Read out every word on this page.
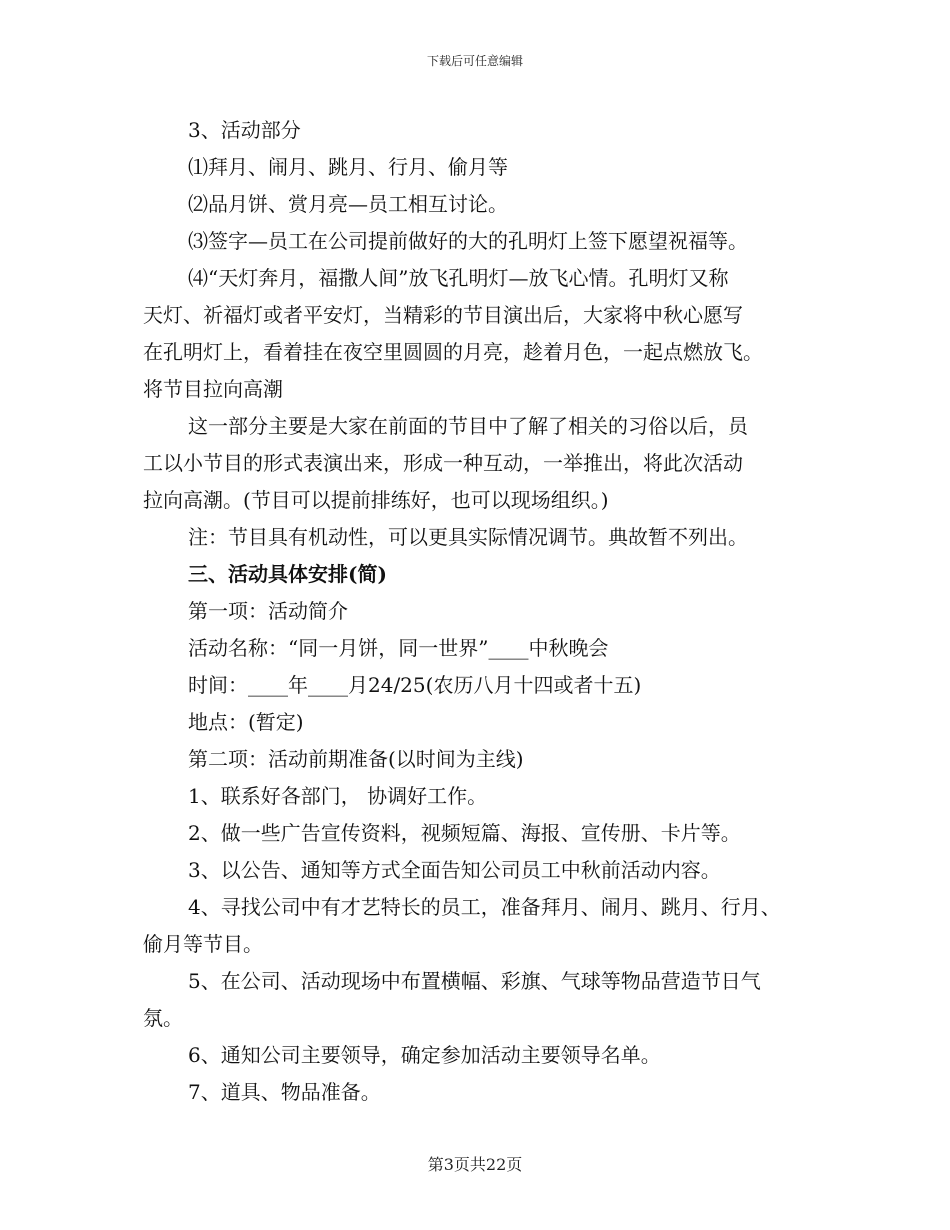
下载后可任意编辑
3、活动部分
⑴拜月、闹月、跳月、行月、偷月等
⑵品月饼、赏月亮—员工相互讨论。
⑶签字—员工在公司提前做好的大的孔明灯上签下愿望祝福等。
⑷“天灯奔月，福撒人间”放飞孔明灯—放飞心情。孔明灯又称
天灯、祈福灯或者平安灯，当精彩的节目演出后，大家将中秋心愿写
在孔明灯上，看着挂在夜空里圆圆的月亮，趁着月色，一起点燃放飞。
将节目拉向高潮
这一部分主要是大家在前面的节目中了解了相关的习俗以后，员
工以小节目的形式表演出来，形成一种互动，一举推出，将此次活动
拉向高潮。(节目可以提前排练好，也可以现场组织。)
注：节目具有机动性，可以更具实际情况调节。典故暂不列出。
三、活动具体安排(简)
第一项：活动简介
活动名称：“同一月饼，同一世界”____中秋晚会
时间：____年____月24/25(农历八月十四或者十五)
地点：(暂定)
第二项：活动前期准备(以时间为主线)
1、联系好各部门， 协调好工作。
2、做一些广告宣传资料，视频短篇、海报、宣传册、卡片等。
3、以公告、通知等方式全面告知公司员工中秋前活动内容。
4、寻找公司中有才艺特长的员工，准备拜月、闹月、跳月、行月、
偷月等节目。
5、在公司、活动现场中布置横幅、彩旗、气球等物品营造节日气
氛。
6、通知公司主要领导，确定参加活动主要领导名单。
7、道具、物品准备。
第3页共22页
